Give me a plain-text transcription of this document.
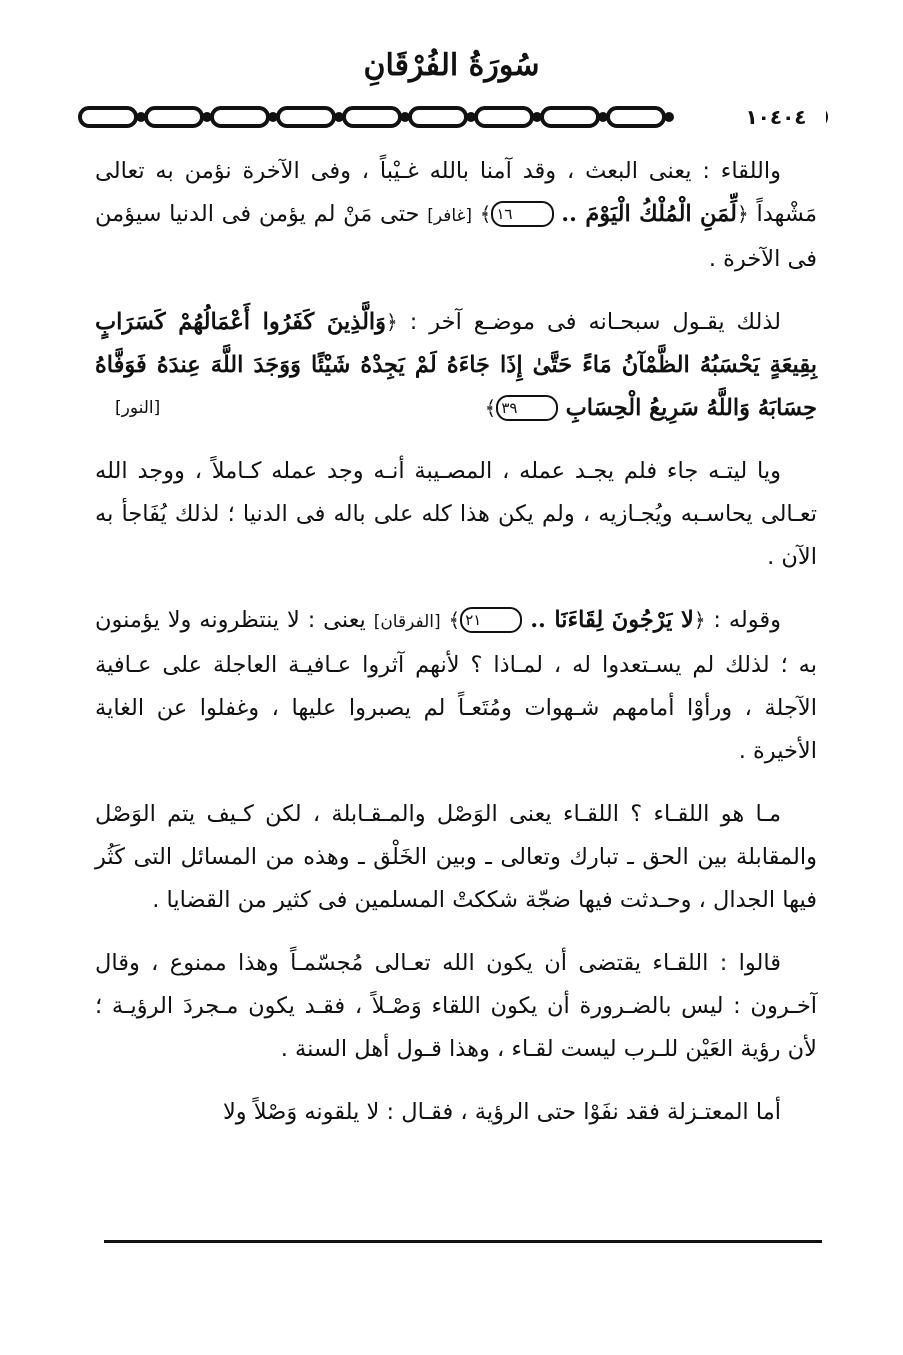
سُورَةُ الفُرْقَانِ
١٠٤٠٤

واللقاء : يعنى البعث ، وقد آمنا بالله غـيْباً ، وفى الآخرة نؤمن به تعالى مَشْهداً ﴿لِّمَنِ الْمُلْكُ الْيَوْمَ .. ١٦﴾ [غافر] حتى مَنْ لم يؤمن فى الدنيا سيؤمن فى الآخرة .

لذلك يقـول سبحـانه فى موضـع آخر : ﴿وَالَّذِينَ كَفَرُوا أَعْمَالُهُمْ كَسَرَابٍ بِقِيعَةٍ يَحْسَبُهُ الظَّمْآنُ مَاءً حَتَّىٰ إِذَا جَاءَهُ لَمْ يَجِدْهُ شَيْئًا وَوَجَدَ اللَّهَ عِندَهُ فَوَفَّاهُ حِسَابَهُ وَاللَّهُ سَرِيعُ الْحِسَابِ ٣٩﴾
[النور]

ويا ليتـه جاء فلم يجـد عمله ، المصـيبة أنـه وجد عمله كـاملاً ، ووجد الله تعـالى يحاسـبه ويُجـازيه ، ولم يكن هذا كله على باله فى الدنيا ؛ لذلك يُفَاجأ به الآن .

وقوله : ﴿لا يَرْجُونَ لِقَاءَنَا .. ٢١﴾ [الفرقان] يعنى : لا ينتظرونه ولا يؤمنون به ؛ لذلك لم يسـتعدوا له ، لمـاذا ؟ لأنهم آثروا عـافيـة العاجلة على عـافية الآجلة ، ورأوْا أمامهم شـهوات ومُتَعـاً لم يصبروا عليها ، وغفلوا عن الغاية الأخيرة .

مـا هو اللقـاء ؟ اللقـاء يعنى الوَصْل والمـقـابلة ، لكن كـيف يتم الوَصْل والمقابلة بين الحق ـ تبارك وتعالى ـ وبين الخَلْق ـ وهذه من المسائل التى كَثُر فيها الجدال ، وحـدثت فيها ضجّة شككتْ المسلمين فى كثير من القضايا .

قالوا : اللقـاء يقتضى أن يكون الله تعـالى مُجسّمـاً وهذا ممنوع ، وقال آخـرون : ليس بالضـرورة أن يكون اللقاء وَصْـلاً ، فقـد يكون مـجردَ الرؤيـة ؛ لأن رؤية العَيْن للـرب ليست لقـاء ، وهذا قـول أهل السنة .

أما المعتـزلة فقد نفَوْا حتى الرؤية ، فقـال : لا يلقونه وَصْلاً ولا
